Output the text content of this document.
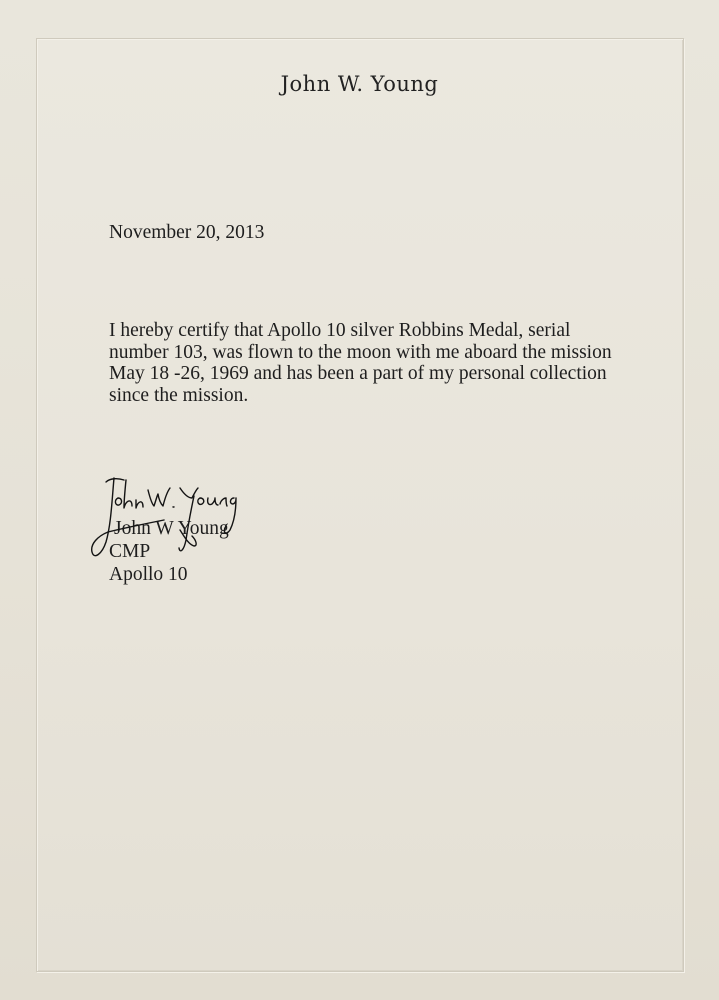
John W. Young
November 20, 2013
I hereby certify that Apollo 10 silver Robbins Medal, serial
number 103, was flown to the moon with me aboard the mission
May 18 -26, 1969 and has been a part of my personal collection
since the mission.
John W Young
CMP
Apollo 10
